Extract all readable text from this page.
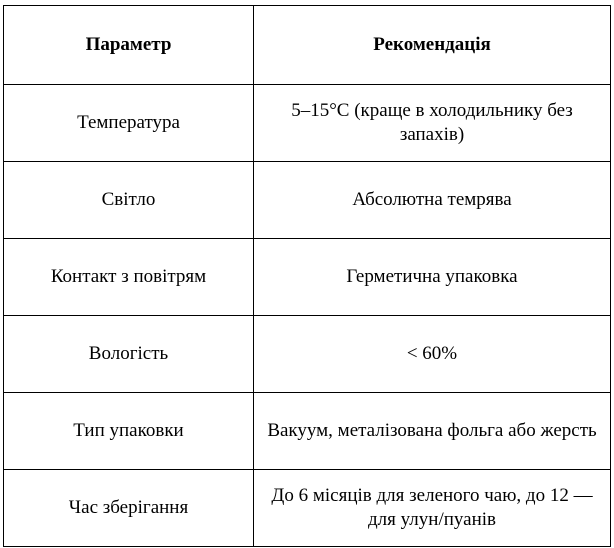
Параметр	Рекомендація
Температура	5–15°C (краще в холодильнику без запахів)
Світло	Абсолютна темрява
Контакт з повітрям	Герметична упаковка
Вологість	< 60%
Тип упаковки	Вакуум, металізована фольга або жерсть
Час зберігання	До 6 місяців для зеленого чаю, до 12 — для улун/пуанів
